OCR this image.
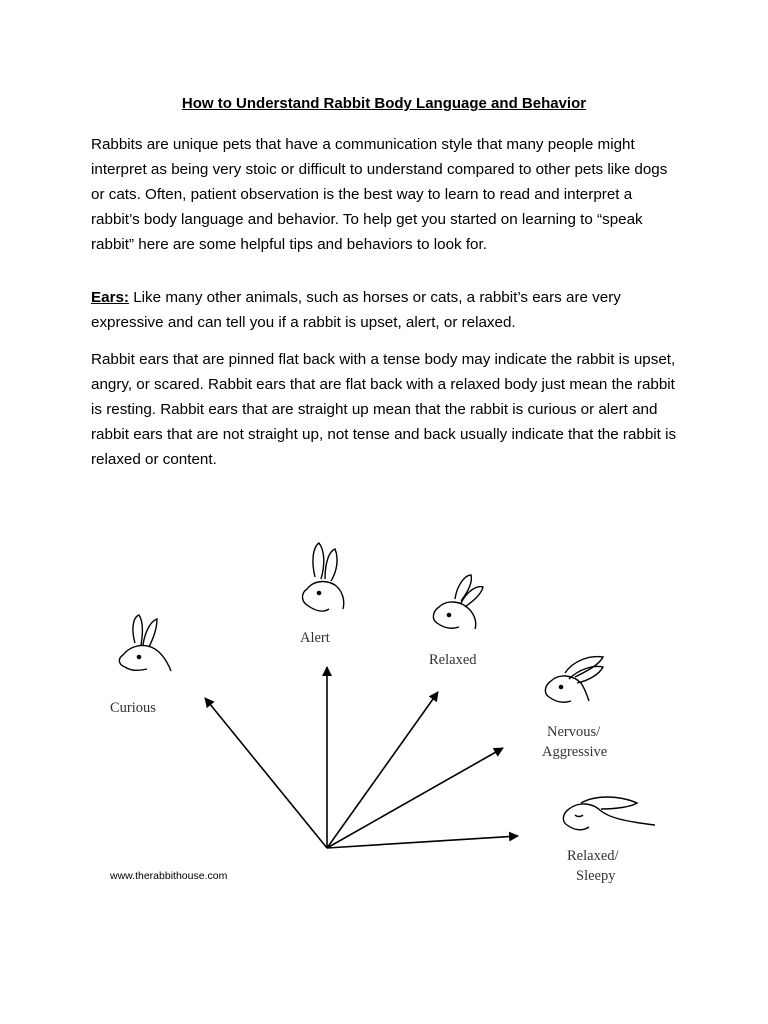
How to Understand Rabbit Body Language and Behavior

Rabbits are unique pets that have a communication style that many people might interpret as being very stoic or difficult to understand compared to other pets like dogs or cats. Often, patient observation is the best way to learn to read and interpret a rabbit’s body language and behavior. To help get you started on learning to “speak rabbit” here are some helpful tips and behaviors to look for.

Ears: Like many other animals, such as horses or cats, a rabbit’s ears are very expressive and can tell you if a rabbit is upset, alert, or relaxed.

Rabbit ears that are pinned flat back with a tense body may indicate the rabbit is upset, angry, or scared. Rabbit ears that are flat back with a relaxed body just mean the rabbit is resting. Rabbit ears that are straight up mean that the rabbit is curious or alert and rabbit ears that are not straight up, not tense and back usually indicate that the rabbit is relaxed or content.

Alert
Relaxed
Curious
Nervous/
Aggressive
Relaxed/
Sleepy
www.therabbithouse.com
